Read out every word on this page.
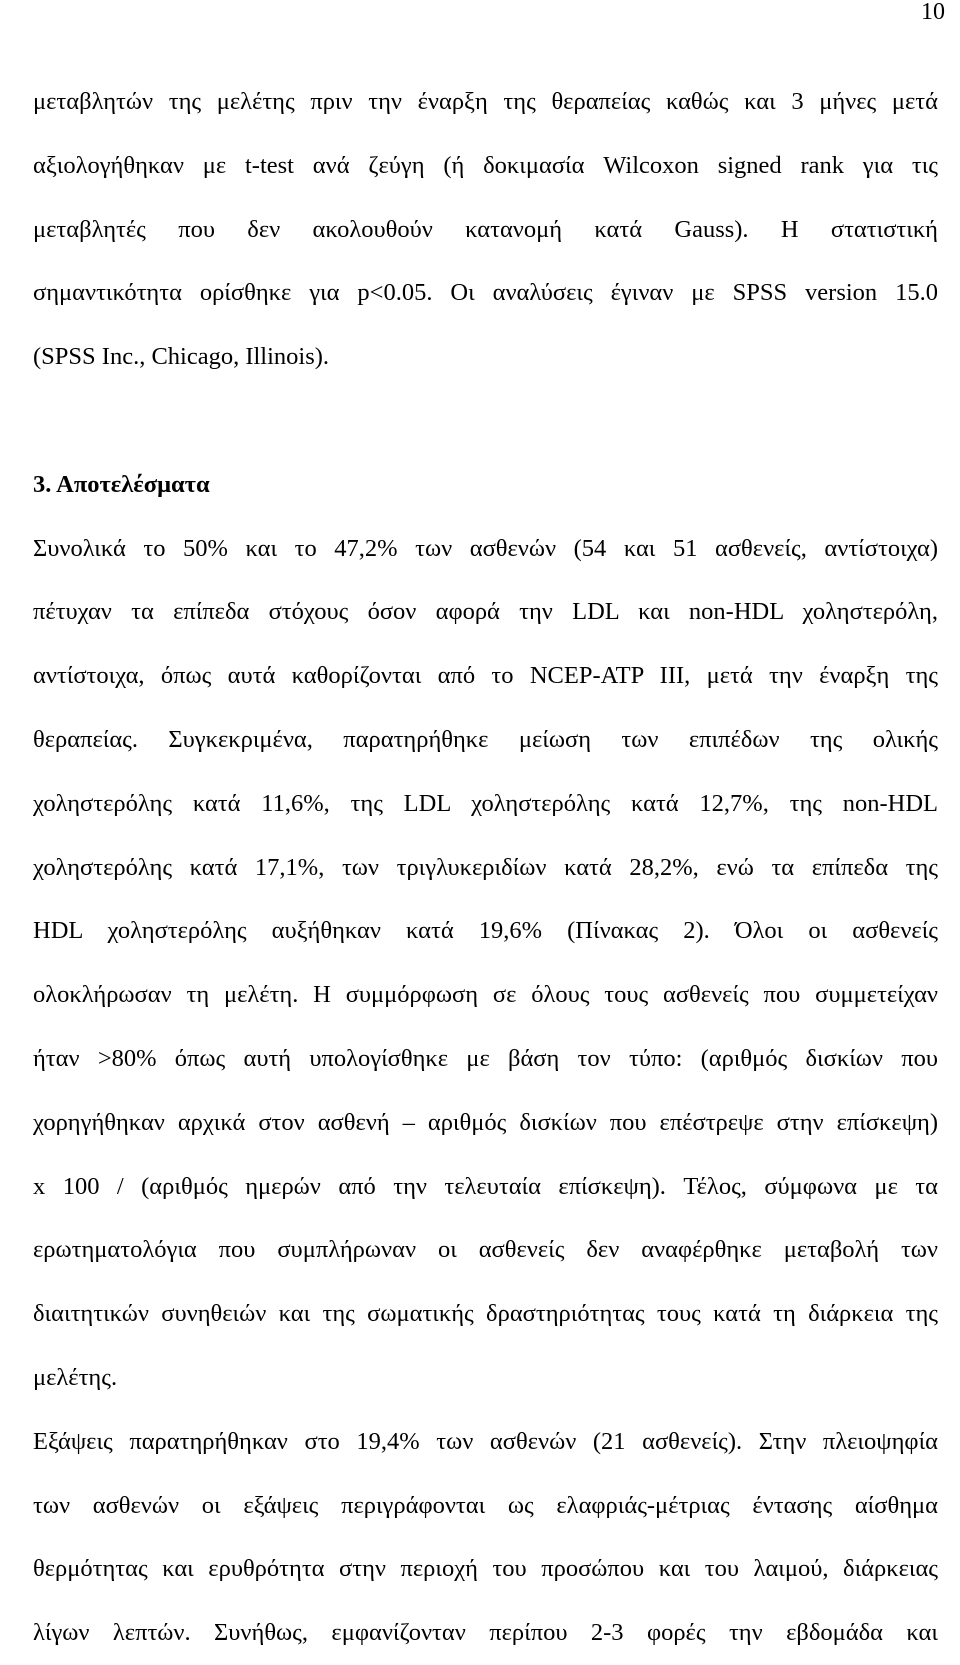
10
μεταβλητών της μελέτης πριν την έναρξη της θεραπείας καθώς και 3 μήνες μετά
αξιολογήθηκαν με t-test ανά ζεύγη (ή δοκιμασία Wilcoxon signed rank για τις
μεταβλητές που δεν ακολουθούν κατανομή κατά Gauss). Η στατιστική
σημαντικότητα ορίσθηκε για p<0.05. Οι αναλύσεις έγιναν με SPSS version 15.0
(SPSS Inc., Chicago, Illinois).
3. Αποτελέσματα
Συνολικά το 50% και το 47,2% των ασθενών (54 και 51 ασθενείς, αντίστοιχα)
πέτυχαν τα επίπεδα στόχους όσον αφορά την LDL και non-HDL χοληστερόλη,
αντίστοιχα, όπως αυτά καθορίζονται από το NCEP-ATP III, μετά την έναρξη της
θεραπείας. Συγκεκριμένα, παρατηρήθηκε μείωση των επιπέδων της ολικής
χοληστερόλης κατά 11,6%, της LDL χοληστερόλης κατά 12,7%, της non-HDL
χοληστερόλης κατά 17,1%, των τριγλυκεριδίων κατά 28,2%, ενώ τα επίπεδα της
HDL χοληστερόλης αυξήθηκαν κατά 19,6% (Πίνακας 2). Όλοι οι ασθενείς
ολοκλήρωσαν τη μελέτη. Η συμμόρφωση σε όλους τους ασθενείς που συμμετείχαν
ήταν >80% όπως αυτή υπολογίσθηκε με βάση τον τύπο: (αριθμός δισκίων που
χορηγήθηκαν αρχικά στον ασθενή – αριθμός δισκίων που επέστρεψε στην επίσκεψη)
x 100 / (αριθμός ημερών από την τελευταία επίσκεψη). Τέλος, σύμφωνα με τα
ερωτηματολόγια που συμπλήρωναν οι ασθενείς δεν αναφέρθηκε μεταβολή των
διαιτητικών συνηθειών και της σωματικής δραστηριότητας τους κατά τη διάρκεια της
μελέτης.
Εξάψεις παρατηρήθηκαν στο 19,4% των ασθενών (21 ασθενείς). Στην πλειοψηφία
των ασθενών οι εξάψεις περιγράφονται ως ελαφριάς-μέτριας έντασης αίσθημα
θερμότητας και ερυθρότητα στην περιοχή του προσώπου και του λαιμού, διάρκειας
λίγων λεπτών. Συνήθως, εμφανίζονταν περίπου 2-3 φορές την εβδομάδα και
